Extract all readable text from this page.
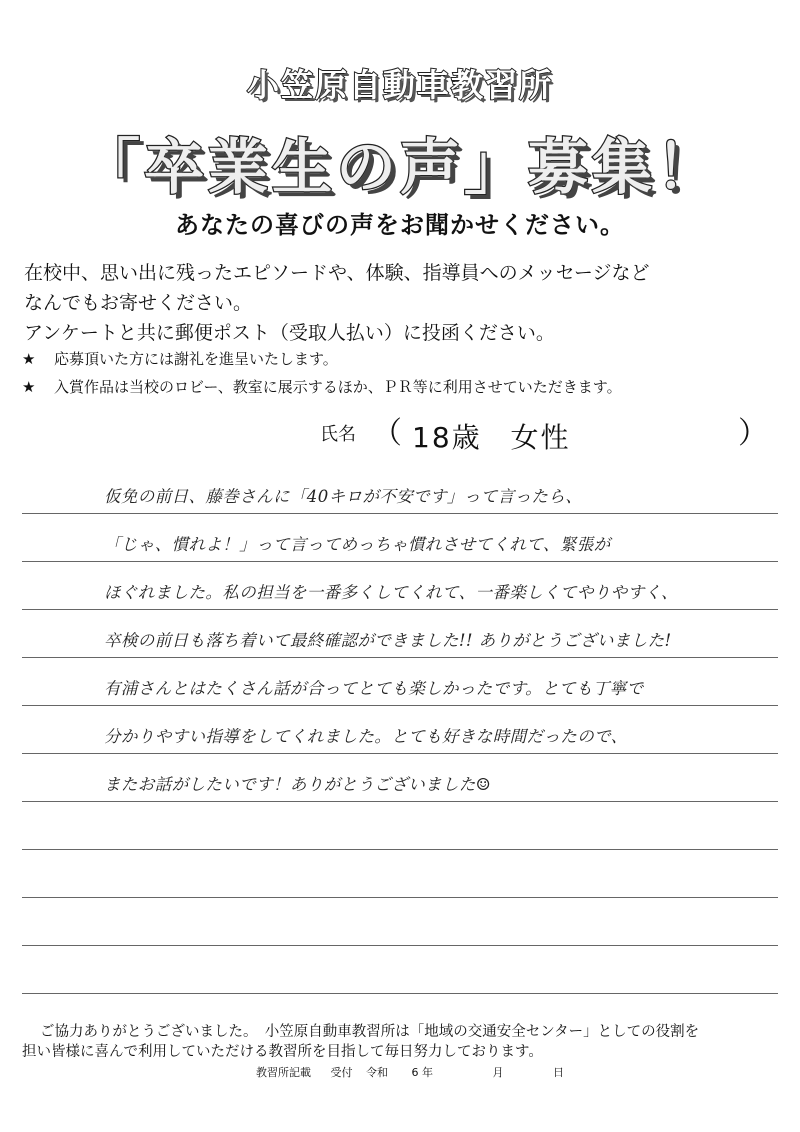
小笠原自動車教習所
「卒業生の声」募集！
あなたの喜びの声をお聞かせください。
在校中、思い出に残ったエピソードや、体験、指導員へのメッセージなど
なんでもお寄せください。
アンケートと共に郵便ポスト（受取人払い）に投函ください。
★	応募頂いた方には謝礼を進呈いたします。
★	入賞作品は当校のロビー、教室に展示するほか、ＰＲ等に利用させていただきます。
氏名 （ 18歳 女性	）
仮免の前日、藤巻さんに「40キロが不安です」って言ったら、
「じゃ、慣れよ！」って言ってめっちゃ慣れさせてくれて、緊張が
ほぐれました。私の担当を一番多くしてくれて、一番楽しくてやりやすく、
卒検の前日も落ち着いて最終確認ができました!! ありがとうございました!
有浦さんとはたくさん話が合ってとても楽しかったです。とても丁寧で
分かりやすい指導をしてくれました。とても好きな時間だったので、
またお話がしたいです！ありがとうございました☺
ご協力ありがとうございました。　小笠原自動車教習所は「地域の交通安全センター」としての役割を
担い皆様に喜んで利用していただける教習所を目指して毎日努力しております。
教習所記載 受付 令和 6 年	月	日
